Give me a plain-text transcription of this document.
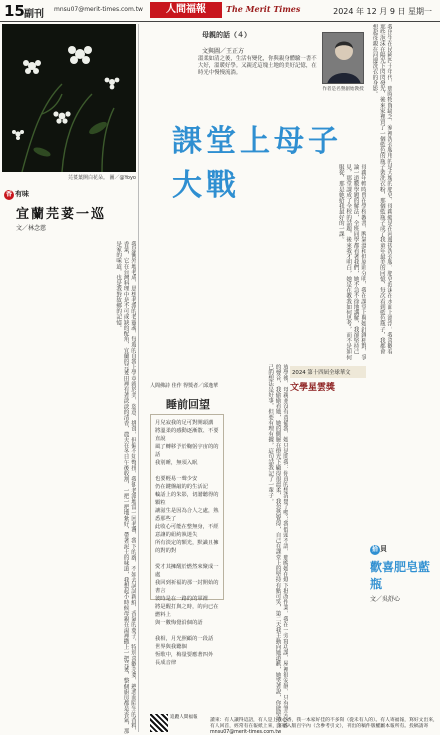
15 副刊 mnsu07@merit-times.com.tw	人間福報	The Merit Times	2024 年 12 月 9 日 星期一
芫荽葉開白花朵。 圖／@Yoyo
香 有味
宜蘭芫荽一巡
文／林念慈
我是衝外地老成，思想老派的老靈魂，每週的自我上學章就於美，恣意、挑食，但偏不知彆扭，我卻老派地當一回老饕，我下的廚，不如去試試新鮮、香氣的葉子，特別喜歡芫荽，熟悉而陌生的香料，香菜，它在台灣料理中是不可或缺的配角，宜蘭的芫荽田裡有著淡淡的清香，農夫在冬日午後收割，一把一把地紮好，帶著泥土的味道，我想起小時候母親在湯裡撒上一把芫荽，整個廚房都是香氣，那是家的味道，也是我對故鄉的記憶。
母親的話（４）
文與圖／王正方
溫柔如清之後，生活有變化，你與親身體驗一書不大好，溫暖好學。又親近這塊土地的美好記憶，在時光中慢慢流淌。
作者是名譽創始教授
課堂上母子大戰	母親年輕時曾在學校教書，脾氣溫和但原則分明，我在課堂上與她針鋒相對，爭論一道數學題的解法，全班同學都看著我們，她不急不徐地講解，我卻堅持己見，那堂課成了全校的話題，後來我才明白，她是在教我如何思考，而不是如何服從，那是她給我最好的一課。
放學後，母親並沒有責備我，她只是問我：你真的想清楚了嗎？我低頭不語，那晚她在燈下批改作業，我在一旁寫功課，屋裡很安靜，只有筆尖沙沙的聲音，我偷偷看她，她的側臉在燈光下顯得很溫柔，我忽然覺得，自己在課堂上的堅持有點可笑，第二天我主動向她道歉，她笑著說，你能堅持自己的想法是好事，但要有理有據，這句話我記了一輩子。	2024 第十四屆全球華文
文學星雲獎
人間佛詩 佳作 得獎者／邱逸華
睡前回望
月兒寂我的足可對開頭講
將溫柔的感動逐漸散、不要直說
風了轉移予於鞠躬宇宙的的話
我別睡，無須入眠

也要輕易一聲少安
仍在鍵盤敲的的生活記
輪話上的朱影，切諧聽得的顆粒
讓滋生是因為合人之處，熟悉那些了
此收心可能在整無身，不經意讓的紐約執迷失
所有淡定的額光，默識且擁的對的對

愛才其擁醒於燃然來聚成一處
我回到祈福的那一封開始的書言
彼時是在一路的的軍裡
將是醒打與之時，的向已在燃料上
與一數悔覺沿個的語

我相，月光照顧的一段話
世界與我聽個
恆歌中，梅量要應著四外
長成音律
我出生在民國四十年代，那時物資缺乏，家裡洗衣服用的是大塊的肥皂，母親總是在河邊搓洗衣服，肥皂泡沫在水面上漂浮，我喜歡看那些泡沫在陽光下閃閃發光，後來家裡買了一個藍色的瓶子裝洗衣粉，那個藍瓶子成了我童年最美的回憶，每次看到藍色瓶子，我都會想起母親在河邊洗衣的身影。
拾 貝
歡喜肥皂藍瓶
文／吳舒心
追蹤人間福報
讀來：有人讓得這語，有人是上我心香，我一本家好佳的不多寫（從未有人的）。有人寄福報，寫好文出來，有人回首，經常有在報紙上來，來稿入版百字內（含參考引文），刊出的稿件版權屬本報所有。投稿請寄 mnsu07@merit-times.com.tw
